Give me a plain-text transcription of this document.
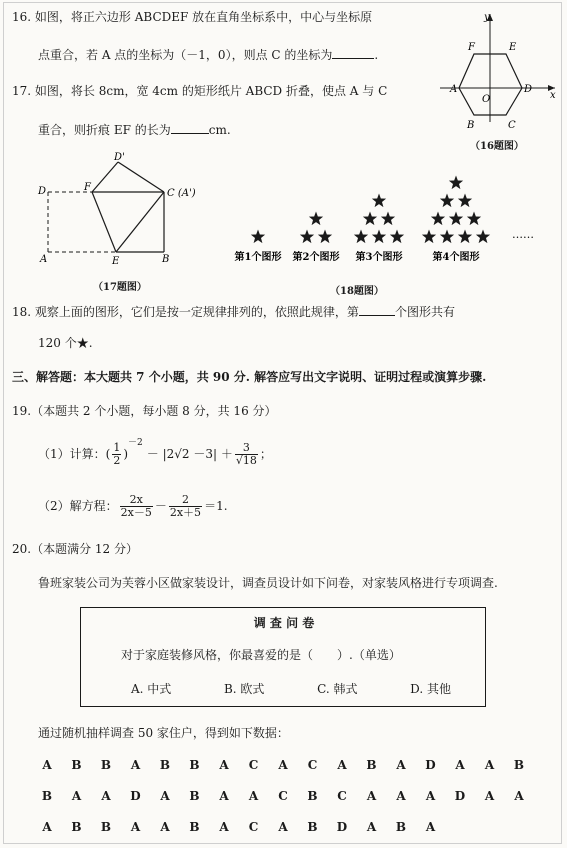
16. 如图，将正六边形 ABCDEF 放在直角坐标系中，中心与坐标原
点重合，若 A 点的坐标为（－1，0），则点 C 的坐标为	.
17. 如图，将长 8cm，宽 4cm 的矩形纸片 ABCD 折叠，使点 A 与 C
重合，则折痕 EF 的长为	cm.
y
x
F	E
A	D
O
B	C
（16题图）
D'
D	F
C (A')
A	E	B
（17题图）
第1个图形 第2个图形 第3个图形	第4个图形
……
（18题图）
18. 观察上面的图形，它们是按一定规律排列的，依照此规律，第	个图形共有
120 个★.
三、解答题：本大题共 7 个小题，共 90 分. 解答应写出文字说明、证明过程或演算步骤.
19.（本题共 2 个小题，每小题 8 分，共 16 分）
（1）计算： ( $\frac{1}{2}$ )
$^{-2}$
－ $|2√2 -3| + \frac{3}{√18}$ ；
（2）解方程： $\frac{2x}{2x-5} - \frac{2}{2x+5} =1$.
20.（本题满分 12 分）
鲁班家装公司为芙蓉小区做家装设计，调查员设计如下问卷，对家装风格进行专项调查.
调 查 问 卷
对于家庭装修风格，你最喜爱的是（　　）.（单选）
A. 中式	B. 欧式	C. 韩式	D. 其他
通过随机抽样调查 50 家住户，得到如下数据：
A B B A B B A C A C A B A D A A B
B A A D A B A A C B C A A A D A A
A B B A A B A C A B D A B A
